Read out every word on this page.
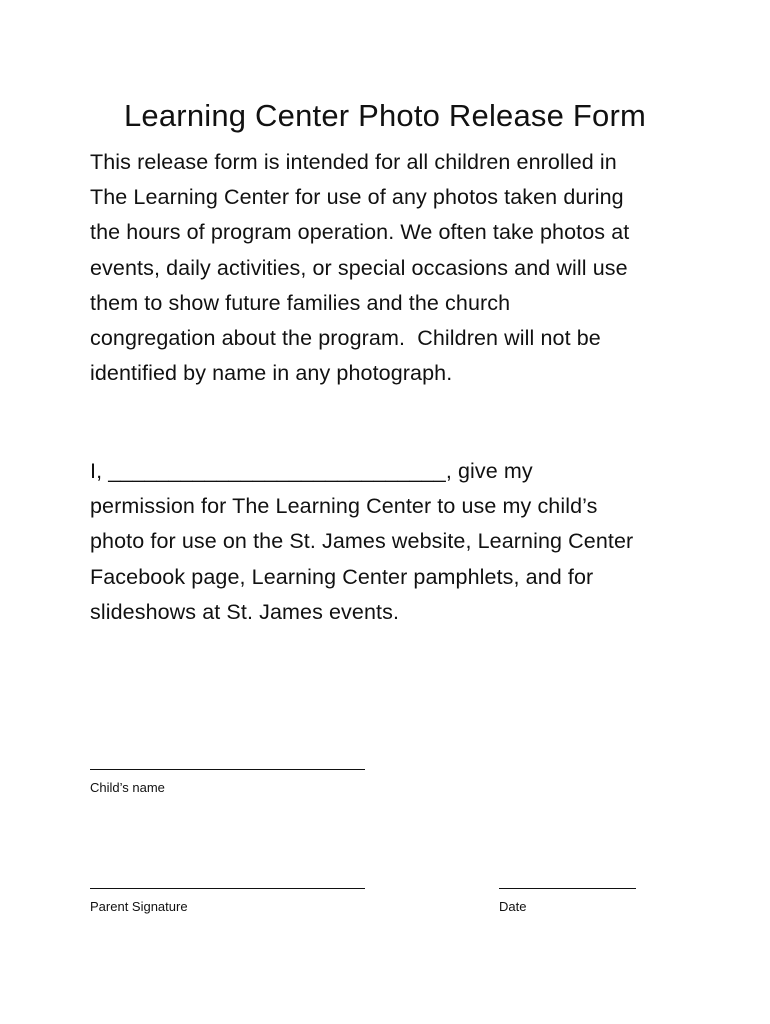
Learning Center Photo Release Form
This release form is intended for all children enrolled in
The Learning Center for use of any photos taken during
the hours of program operation. We often take photos at
events, daily activities, or special occasions and will use
them to show future families and the church
congregation about the program.  Children will not be
identified by name in any photograph.
I, ____________________________, give my
permission for The Learning Center to use my child’s
photo for use on the St. James website, Learning Center
Facebook page, Learning Center pamphlets, and for
slideshows at St. James events.
Child’s name
Parent Signature	Date
